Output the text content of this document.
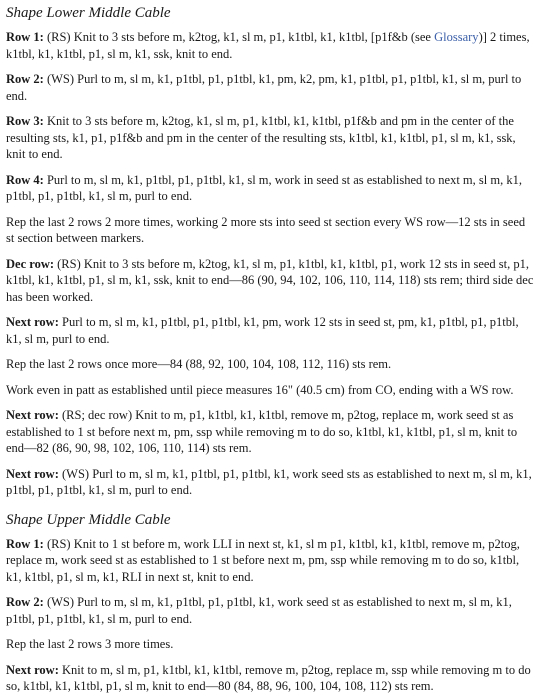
Shape Lower Middle Cable

Row 1: (RS) Knit to 3 sts before m, k2tog, k1, sl m, p1, k1tbl, k1, k1tbl, [p1f&b (see Glossary)] 2 times, k1tbl, k1, k1tbl, p1, sl m, k1, ssk, knit to end.

Row 2: (WS) Purl to m, sl m, k1, p1tbl, p1, p1tbl, k1, pm, k2, pm, k1, p1tbl, p1, p1tbl, k1, sl m, purl to end.

Row 3: Knit to 3 sts before m, k2tog, k1, sl m, p1, k1tbl, k1, k1tbl, p1f&b and pm in the center of the resulting sts, k1, p1, p1f&b and pm in the center of the resulting sts, k1tbl, k1, k1tbl, p1, sl m, k1, ssk, knit to end.

Row 4: Purl to m, sl m, k1, p1tbl, p1, p1tbl, k1, sl m, work in seed st as established to next m, sl m, k1, p1tbl, p1, p1tbl, k1, sl m, purl to end.

Rep the last 2 rows 2 more times, working 2 more sts into seed st section every WS row—12 sts in seed st section between markers.

Dec row: (RS) Knit to 3 sts before m, k2tog, k1, sl m, p1, k1tbl, k1, k1tbl, p1, work 12 sts in seed st, p1, k1tbl, k1, k1tbl, p1, sl m, k1, ssk, knit to end—86 (90, 94, 102, 106, 110, 114, 118) sts rem; third side dec has been worked.

Next row: Purl to m, sl m, k1, p1tbl, p1, p1tbl, k1, pm, work 12 sts in seed st, pm, k1, p1tbl, p1, p1tbl, k1, sl m, purl to end.

Rep the last 2 rows once more—84 (88, 92, 100, 104, 108, 112, 116) sts rem.

Work even in patt as established until piece measures 16" (40.5 cm) from CO, ending with a WS row.

Next row: (RS; dec row) Knit to m, p1, k1tbl, k1, k1tbl, remove m, p2tog, replace m, work seed st as established to 1 st before next m, pm, ssp while removing m to do so, k1tbl, k1, k1tbl, p1, sl m, knit to end—82 (86, 90, 98, 102, 106, 110, 114) sts rem.

Next row: (WS) Purl to m, sl m, k1, p1tbl, p1, p1tbl, k1, work seed sts as established to next m, sl m, k1, p1tbl, p1, p1tbl, k1, sl m, purl to end.

Shape Upper Middle Cable

Row 1: (RS) Knit to 1 st before m, work LLI in next st, k1, sl m p1, k1tbl, k1, k1tbl, remove m, p2tog, replace m, work seed st as established to 1 st before next m, pm, ssp while removing m to do so, k1tbl, k1, k1tbl, p1, sl m, k1, RLI in next st, knit to end.

Row 2: (WS) Purl to m, sl m, k1, p1tbl, p1, p1tbl, k1, work seed st as established to next m, sl m, k1, p1tbl, p1, p1tbl, k1, sl m, purl to end.

Rep the last 2 rows 3 more times.

Next row: Knit to m, sl m, p1, k1tbl, k1, k1tbl, remove m, p2tog, replace m, ssp while removing m to do so, k1tbl, k1, k1tbl, p1, sl m, knit to end—80 (84, 88, 96, 100, 104, 108, 112) sts rem.
